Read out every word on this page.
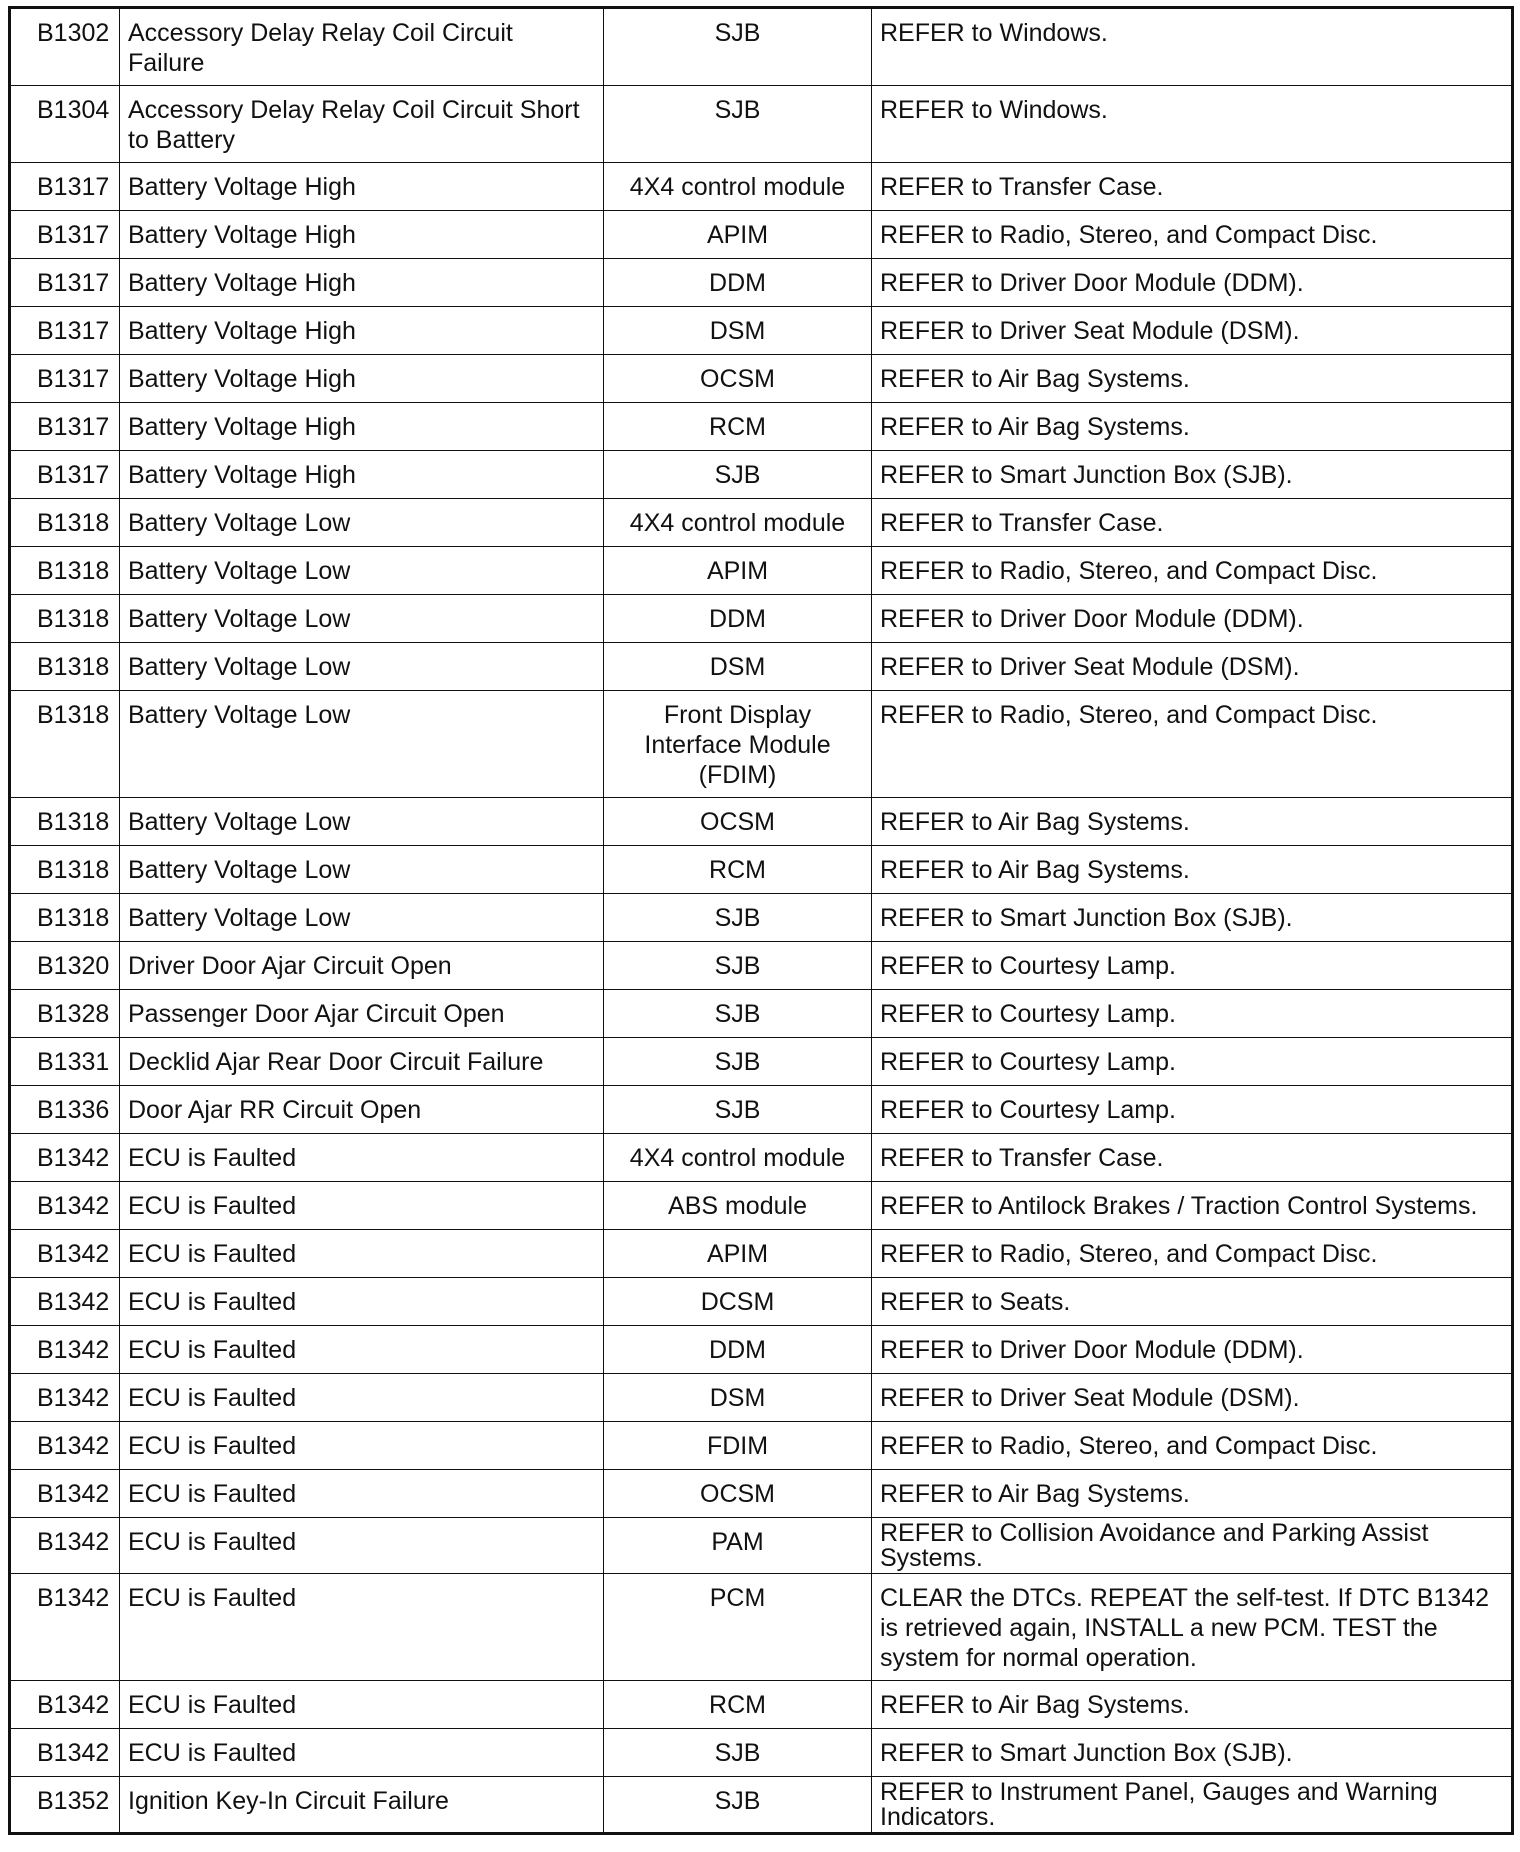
B1302	Accessory Delay Relay Coil Circuit Failure	SJB	REFER to Windows.
B1304	Accessory Delay Relay Coil Circuit Short to Battery	SJB	REFER to Windows.
B1317	Battery Voltage High	4X4 control module	REFER to Transfer Case.
B1317	Battery Voltage High	APIM	REFER to Radio, Stereo, and Compact Disc.
B1317	Battery Voltage High	DDM	REFER to Driver Door Module (DDM).
B1317	Battery Voltage High	DSM	REFER to Driver Seat Module (DSM).
B1317	Battery Voltage High	OCSM	REFER to Air Bag Systems.
B1317	Battery Voltage High	RCM	REFER to Air Bag Systems.
B1317	Battery Voltage High	SJB	REFER to Smart Junction Box (SJB).
B1318	Battery Voltage Low	4X4 control module	REFER to Transfer Case.
B1318	Battery Voltage Low	APIM	REFER to Radio, Stereo, and Compact Disc.
B1318	Battery Voltage Low	DDM	REFER to Driver Door Module (DDM).
B1318	Battery Voltage Low	DSM	REFER to Driver Seat Module (DSM).
B1318	Battery Voltage Low	Front Display Interface Module (FDIM)	REFER to Radio, Stereo, and Compact Disc.
B1318	Battery Voltage Low	OCSM	REFER to Air Bag Systems.
B1318	Battery Voltage Low	RCM	REFER to Air Bag Systems.
B1318	Battery Voltage Low	SJB	REFER to Smart Junction Box (SJB).
B1320	Driver Door Ajar Circuit Open	SJB	REFER to Courtesy Lamp.
B1328	Passenger Door Ajar Circuit Open	SJB	REFER to Courtesy Lamp.
B1331	Decklid Ajar Rear Door Circuit Failure	SJB	REFER to Courtesy Lamp.
B1336	Door Ajar RR Circuit Open	SJB	REFER to Courtesy Lamp.
B1342	ECU is Faulted	4X4 control module	REFER to Transfer Case.
B1342	ECU is Faulted	ABS module	REFER to Antilock Brakes / Traction Control Systems.
B1342	ECU is Faulted	APIM	REFER to Radio, Stereo, and Compact Disc.
B1342	ECU is Faulted	DCSM	REFER to Seats.
B1342	ECU is Faulted	DDM	REFER to Driver Door Module (DDM).
B1342	ECU is Faulted	DSM	REFER to Driver Seat Module (DSM).
B1342	ECU is Faulted	FDIM	REFER to Radio, Stereo, and Compact Disc.
B1342	ECU is Faulted	OCSM	REFER to Air Bag Systems.
B1342	ECU is Faulted	PAM	REFER to Collision Avoidance and Parking Assist Systems.
B1342	ECU is Faulted	PCM	CLEAR the DTCs. REPEAT the self-test. If DTC B1342 is retrieved again, INSTALL a new PCM. TEST the system for normal operation.
B1342	ECU is Faulted	RCM	REFER to Air Bag Systems.
B1342	ECU is Faulted	SJB	REFER to Smart Junction Box (SJB).
B1352	Ignition Key-In Circuit Failure	SJB	REFER to Instrument Panel, Gauges and Warning Indicators.
